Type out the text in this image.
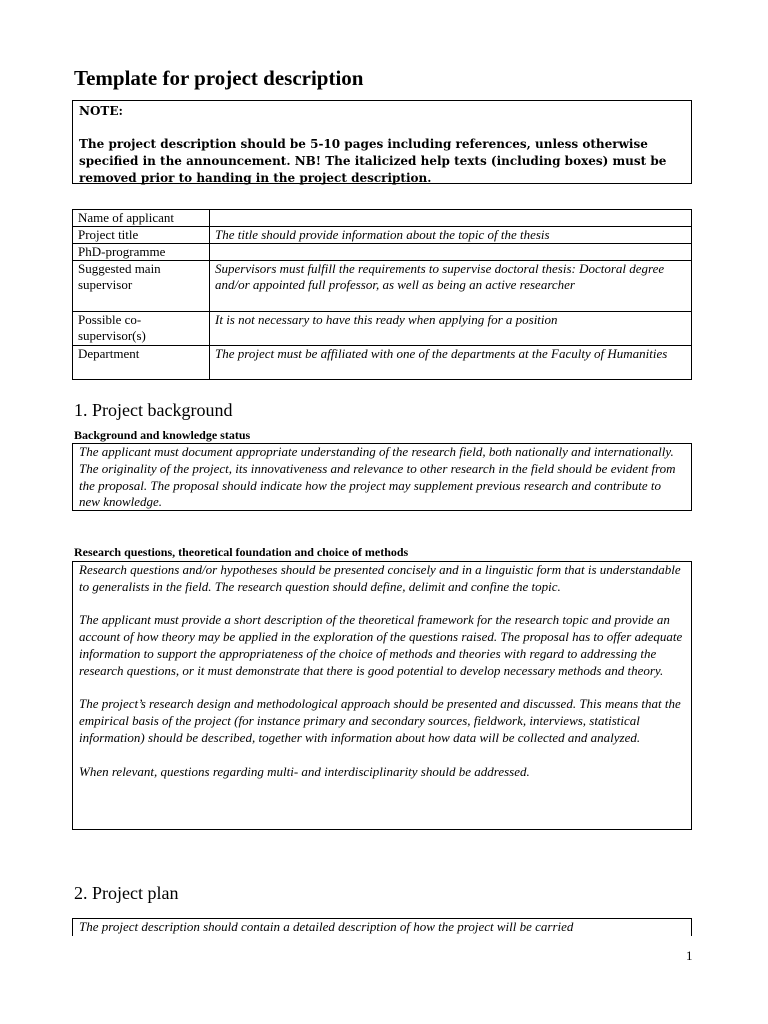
Template for project description

NOTE:

The project description should be 5-10 pages including references, unless otherwise specified in the announcement. NB! The italicized help texts (including boxes) must be removed prior to handing in the project description.

Name of applicant	
Project title	The title should provide information about the topic of the thesis
PhD-programme	
Suggested main supervisor	Supervisors must fulfill the requirements to supervise doctoral thesis: Doctoral degree and/or appointed full professor, as well as being an active researcher
Possible co-supervisor(s)	It is not necessary to have this ready when applying for a position
Department	The project must be affiliated with one of the departments at the Faculty of Humanities
1. Project background
Background and knowledge status

The applicant must document appropriate understanding of the research field, both nationally and internationally. The originality of the project, its innovativeness and relevance to other research in the field should be evident from the proposal. The proposal should indicate how the project may supplement previous research and contribute to new knowledge.

Research questions, theoretical foundation and choice of methods

Research questions and/or hypotheses should be presented concisely and in a linguistic form that is understandable to generalists in the field. The research question should define, delimit and confine the topic.

The applicant must provide a short description of the theoretical framework for the research topic and provide an account of how theory may be applied in the exploration of the questions raised. The proposal has to offer adequate information to support the appropriateness of the choice of methods and theories with regard to addressing the research questions, or it must demonstrate that there is good potential to develop necessary methods and theory.

The project’s research design and methodological approach should be presented and discussed. This means that the empirical basis of the project (for instance primary and secondary sources, fieldwork, interviews, statistical information) should be described, together with information about how data will be collected and analyzed.

When relevant, questions regarding multi- and interdisciplinarity should be addressed.

2. Project plan

The project description should contain a detailed description of how the project will be carried

1
